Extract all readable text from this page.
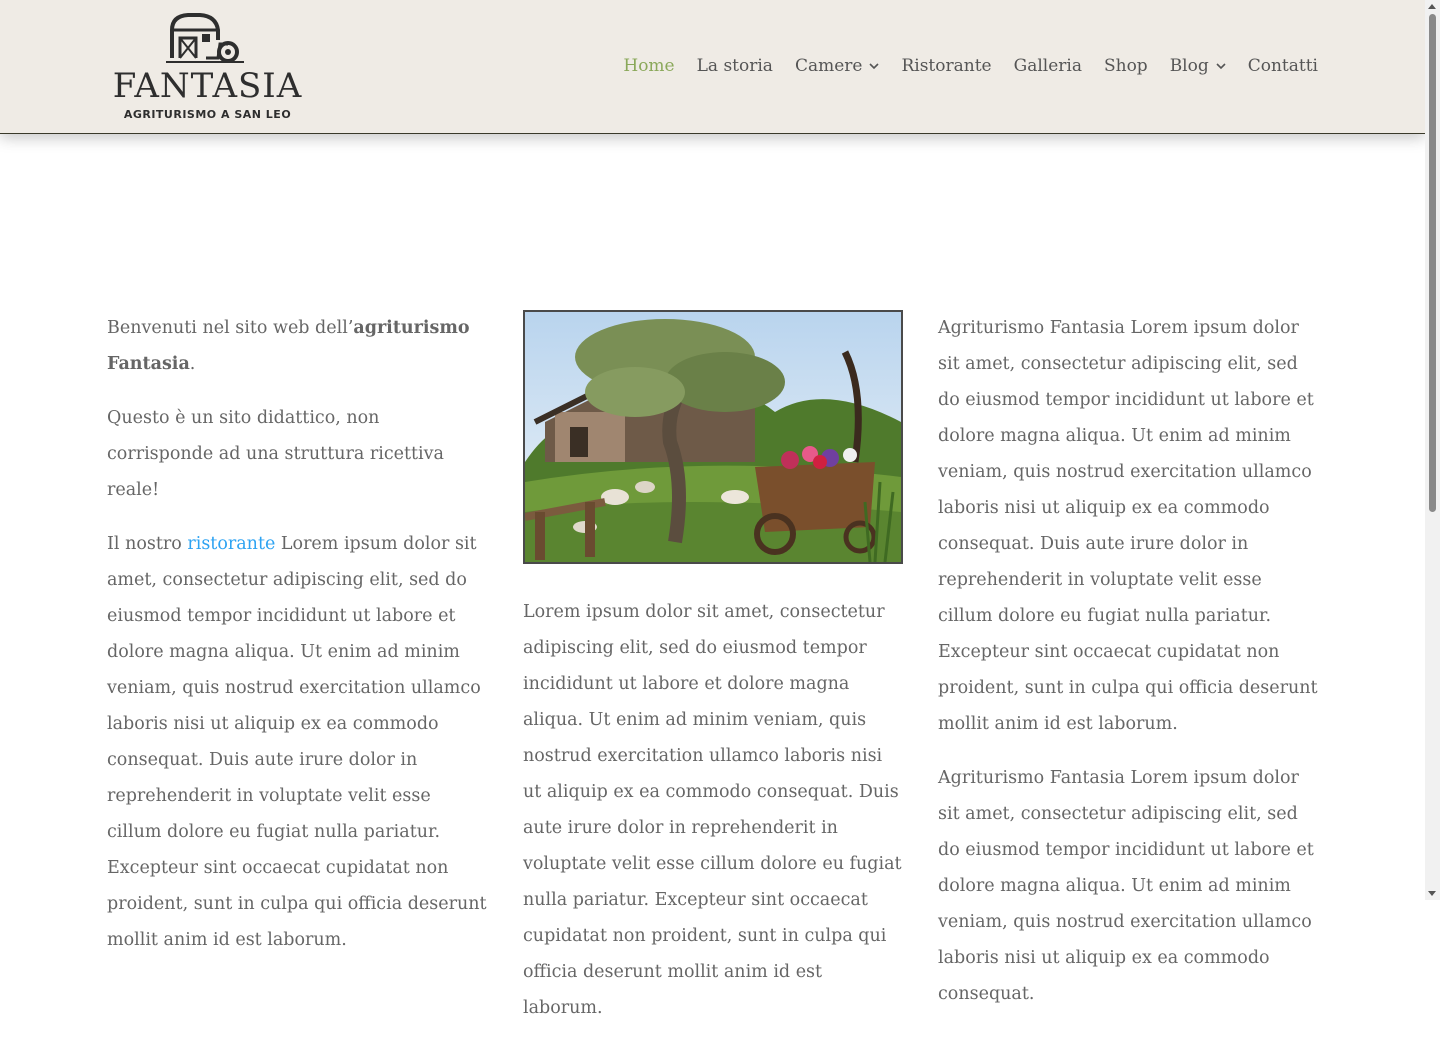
FANTASIA
AGRITURISMO A SAN LEO
Home La storia Camere Ristorante Galleria Shop Blog Contatti

Benvenuti nel sito web dell’agriturismo Fantasia.

Questo è un sito didattico, non corrisponde ad una struttura ricettiva reale!

Il nostro ristorante Lorem ipsum dolor sit amet, consectetur adipiscing elit, sed do eiusmod tempor incididunt ut labore et dolore magna aliqua. Ut enim ad minim veniam, quis nostrud exercitation ullamco laboris nisi ut aliquip ex ea commodo consequat. Duis aute irure dolor in reprehenderit in voluptate velit esse cillum dolore eu fugiat nulla pariatur. Excepteur sint occaecat cupidatat non proident, sunt in culpa qui officia deserunt mollit anim id est laborum.

Lorem ipsum dolor sit amet, consectetur adipiscing elit, sed do eiusmod tempor incididunt ut labore et dolore magna aliqua. Ut enim ad minim veniam, quis nostrud exercitation ullamco laboris nisi ut aliquip ex ea commodo consequat. Duis aute irure dolor in reprehenderit in voluptate velit esse cillum dolore eu fugiat nulla pariatur. Excepteur sint occaecat cupidatat non proident, sunt in culpa qui officia deserunt mollit anim id est laborum.

Agriturismo Fantasia Lorem ipsum dolor sit amet, consectetur adipiscing elit, sed do eiusmod tempor incididunt ut labore et dolore magna aliqua. Ut enim ad minim veniam, quis nostrud exercitation ullamco laboris nisi ut aliquip ex ea commodo consequat. Duis aute irure dolor in reprehenderit in voluptate velit esse cillum dolore eu fugiat nulla pariatur. Excepteur sint occaecat cupidatat non proident, sunt in culpa qui officia deserunt mollit anim id est laborum.

Agriturismo Fantasia Lorem ipsum dolor sit amet, consectetur adipiscing elit, sed do eiusmod tempor incididunt ut labore et dolore magna aliqua. Ut enim ad minim veniam, quis nostrud exercitation ullamco laboris nisi ut aliquip ex ea commodo consequat.
